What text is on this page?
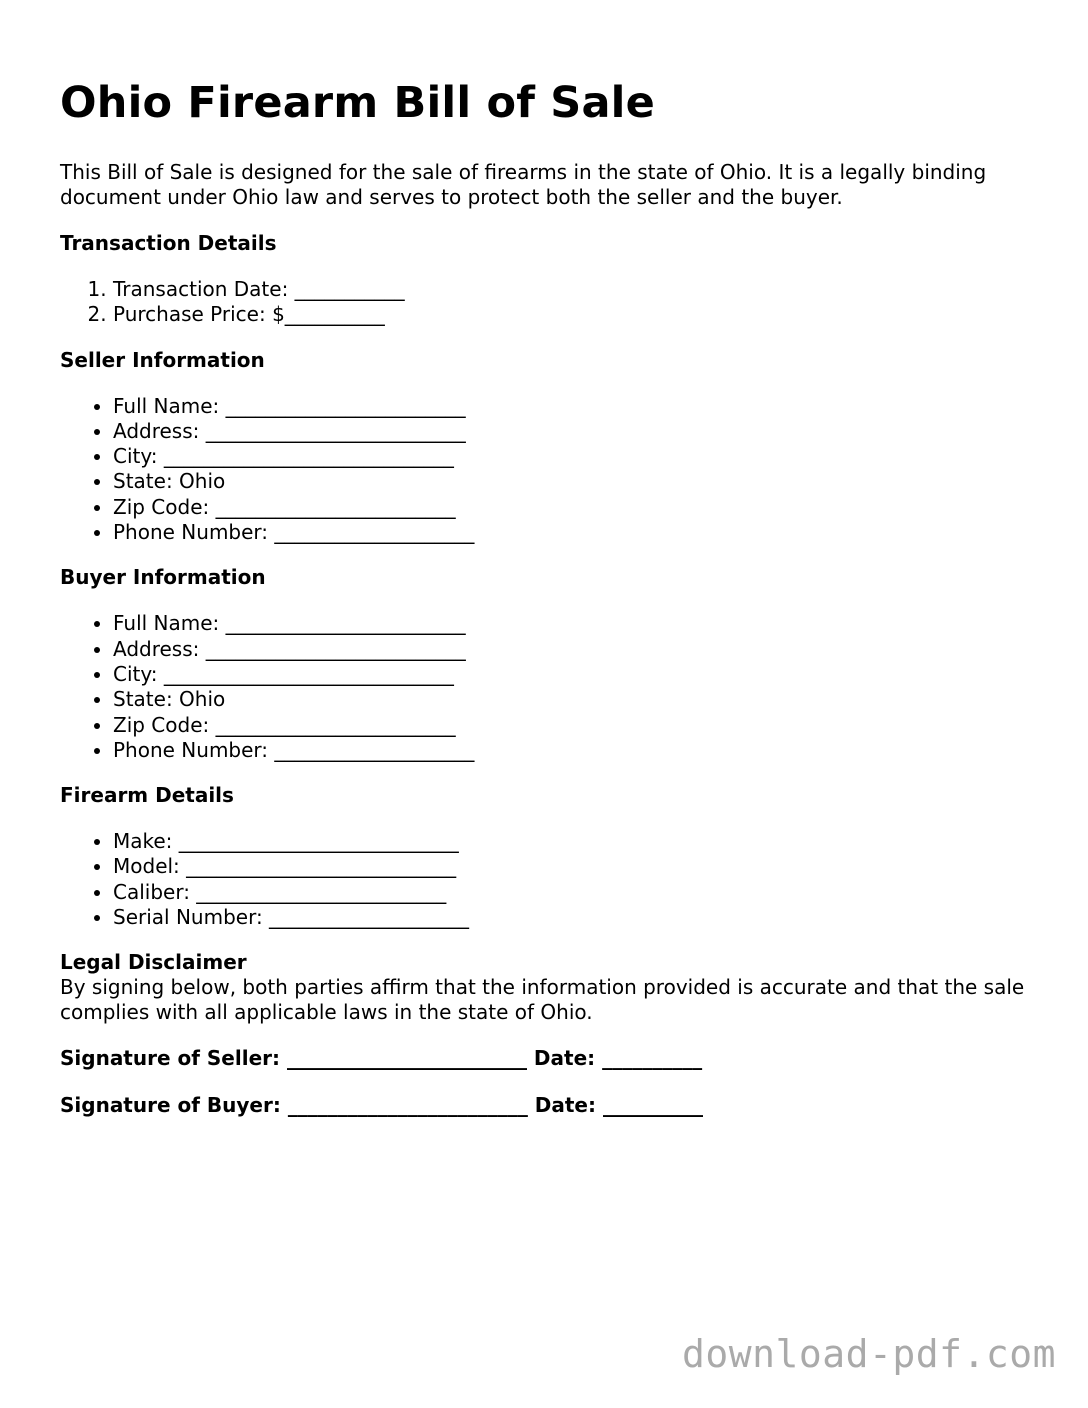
Ohio Firearm Bill of Sale

This Bill of Sale is designed for the sale of firearms in the state of Ohio. It is a legally binding document under Ohio law and serves to protect both the seller and the buyer.

Transaction Details
1. Transaction Date: ___________
2. Purchase Price: $__________
Seller Information
• Full Name: ________________________
• Address: __________________________
• City: _____________________________
• State: Ohio
• Zip Code: ________________________
• Phone Number: ____________________
Buyer Information
• Full Name: ________________________
• Address: __________________________
• City: _____________________________
• State: Ohio
• Zip Code: ________________________
• Phone Number: ____________________
Firearm Details
• Make: ____________________________
• Model: ___________________________
• Caliber: _________________________
• Serial Number: ____________________
Legal Disclaimer

By signing below, both parties affirm that the information provided is accurate and that the sale complies with all applicable laws in the state of Ohio.

Signature of Seller: ________________________ Date: __________

Signature of Buyer: ________________________ Date: __________

download-pdf.com
